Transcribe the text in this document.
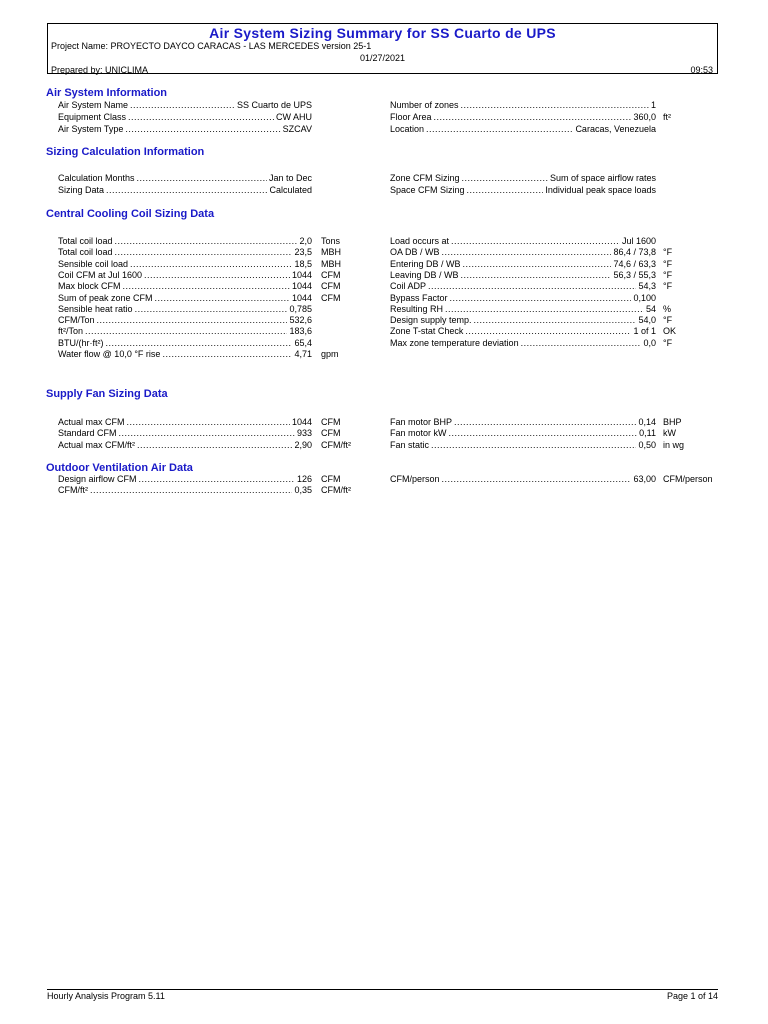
Air System Sizing Summary for SS Cuarto de UPS
Project Name: PROYECTO DAYCO CARACAS - LAS MERCEDES version 25-1
01/27/2021
Prepared by: UNICLIMA	09:53
Air System Information
Sizing Calculation Information
Central Cooling Coil Sizing Data
Supply Fan Sizing Data
Outdoor Ventilation Air Data
Air System Name .....	SS Cuarto de UPS
Equipment Class .....	CW AHU
Air System Type .....	SZCAV
Number of zones .....	1
Floor Area .....	360,0 ft²
Location .....	Caracas, Venezuela
Calculation Months .....	Jan to Dec
Sizing Data .....	Calculated
Zone CFM Sizing .....	Sum of space airflow rates
Space CFM Sizing .....	Individual peak space loads
Total coil load .....	2,0 Tons
Total coil load .....	23,5 MBH
Sensible coil load .....	18,5 MBH
Coil CFM at Jul 1600 .....	1044 CFM
Max block CFM .....	1044 CFM
Sum of peak zone CFM .....	1044 CFM
Sensible heat ratio .....	0,785
CFM/Ton .....	532,6
ft²/Ton .....	183,6
BTU/(hr·ft²) .....	65,4
Water flow @ 10,0 °F rise .....	4,71 gpm
Load occurs at .....	Jul 1600
OA DB / WB .....	86,4 / 73,8 °F
Entering DB / WB .....	74,6 / 63,3 °F
Leaving DB / WB .....	56,3 / 55,3 °F
Coil ADP .....	54,3 °F
Bypass Factor .....	0,100
Resulting RH .....	54 %
Design supply temp. .....	54,0 °F
Zone T-stat Check .....	1 of 1 OK
Max zone temperature deviation .....	0,0 °F
Actual max CFM .....	1044 CFM
Standard CFM .....	933 CFM
Actual max CFM/ft² .....	2,90 CFM/ft²
Fan motor BHP .....	0,14 BHP
Fan motor kW .....	0,11 kW
Fan static .....	0,50 in wg
Design airflow CFM .....	126 CFM
CFM/ft² .....	0,35 CFM/ft²
CFM/person .....	63,00 CFM/person
Hourly Analysis Program 5.11	Page 1 of 14
